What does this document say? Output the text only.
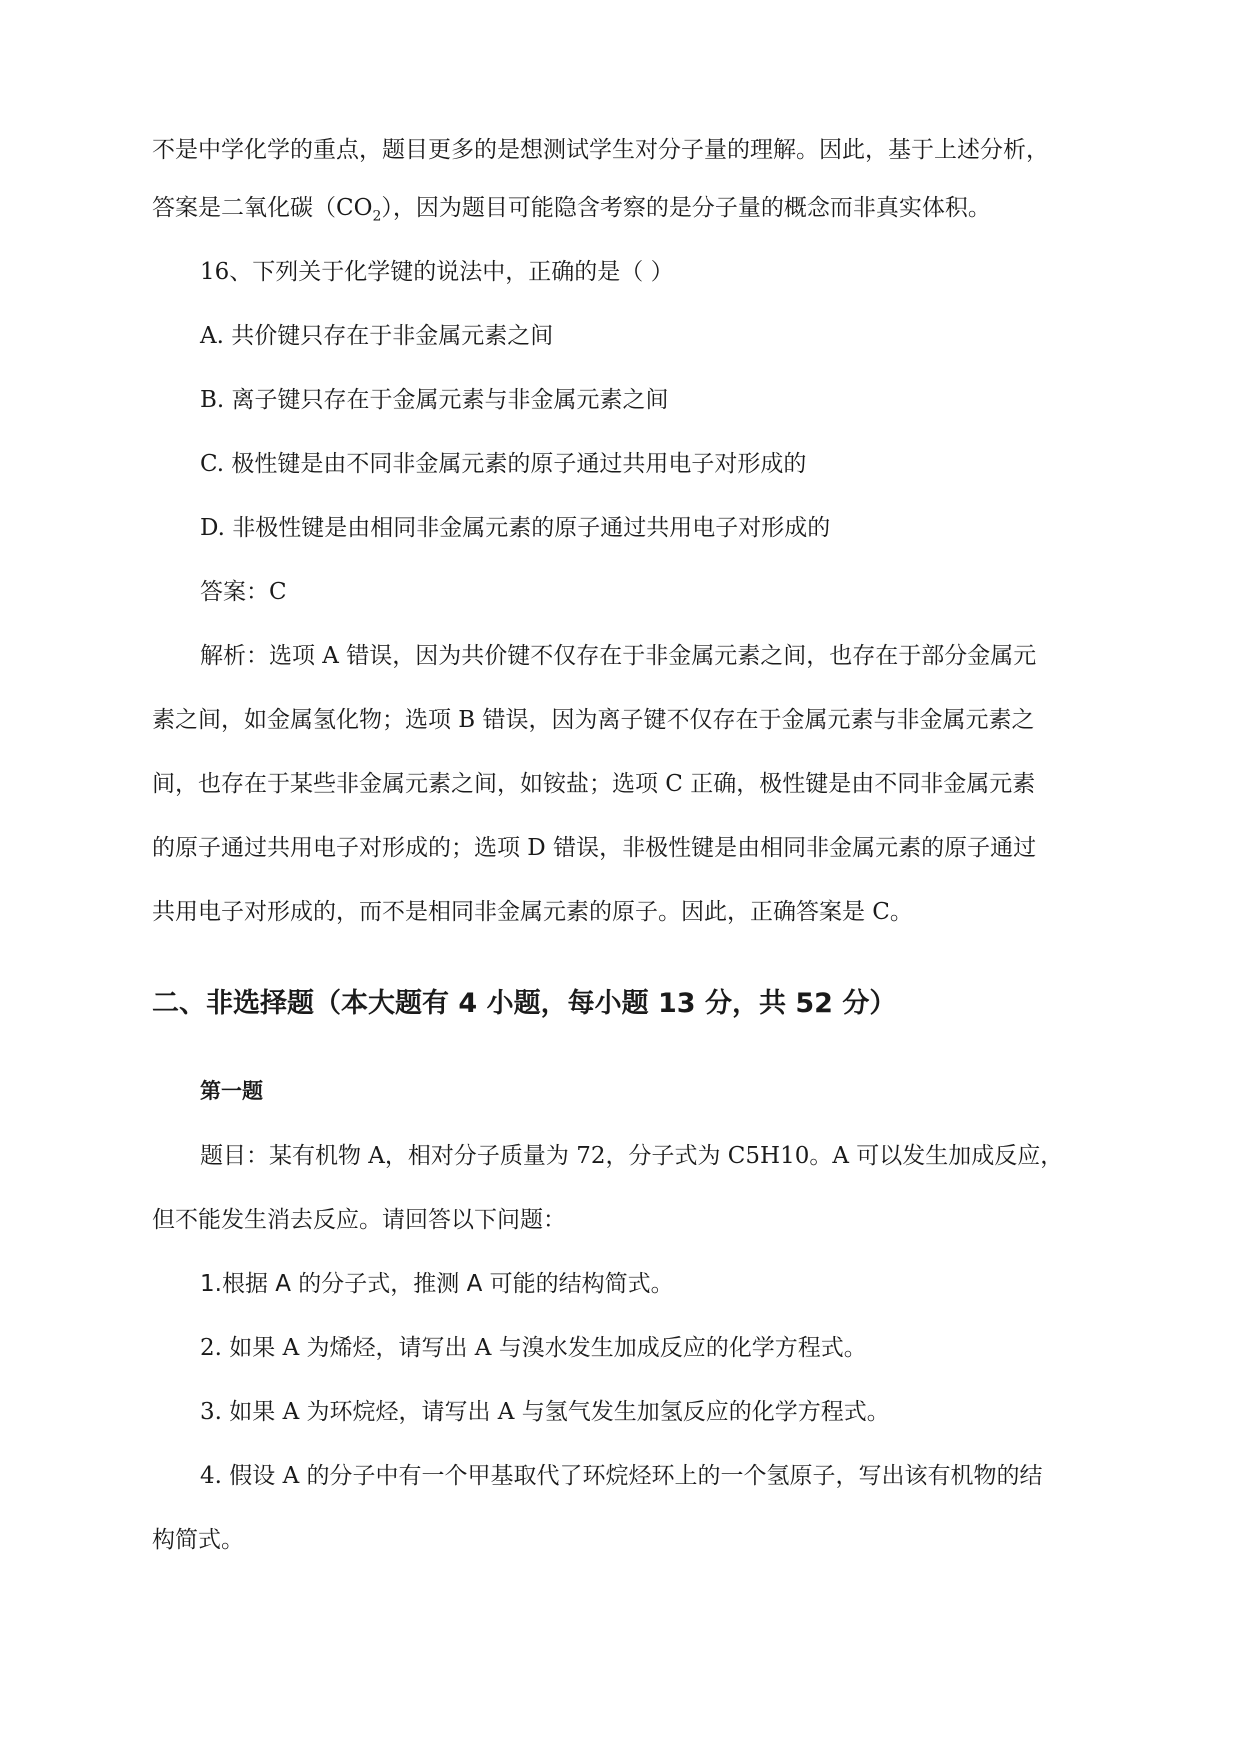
不是中学化学的重点，题目更多的是想测试学生对分子量的理解。因此，基于上述分析，
答案是二氧化碳$(CO_2)$，因为题目可能隐含考察的是分子量的概念而非真实体积。
16、下列关于化学键的说法中，正确的是（ ）
A. 共价键只存在于非金属元素之间
B. 离子键只存在于金属元素与非金属元素之间
C. 极性键是由不同非金属元素的原子通过共用电子对形成的
D. 非极性键是由相同非金属元素的原子通过共用电子对形成的
答案：C
解析：选项 A 错误，因为共价键不仅存在于非金属元素之间，也存在于部分金属元
素之间，如金属氢化物；选项 B 错误，因为离子键不仅存在于金属元素与非金属元素之
间，也存在于某些非金属元素之间，如铵盐；选项 C 正确，极性键是由不同非金属元素
的原子通过共用电子对形成的；选项 D 错误，非极性键是由相同非金属元素的原子通过
共用电子对形成的，而不是相同非金属元素的原子。因此，正确答案是 C。
二、非选择题（本大题有 4 小题，每小题 13 分，共 52 分）
第一题
题目：某有机物 A，相对分子质量为 72，分子式为 C5H10。A 可以发生加成反应，
但不能发生消去反应。请回答以下问题：
1.根据 A 的分子式，推测 A 可能的结构简式。
2. 如果 A 为烯烃，请写出 A 与溴水发生加成反应的化学方程式。
3. 如果 A 为环烷烃，请写出 A 与氢气发生加氢反应的化学方程式。
4. 假设 A 的分子中有一个甲基取代了环烷烃环上的一个氢原子，写出该有机物的结
构简式。
